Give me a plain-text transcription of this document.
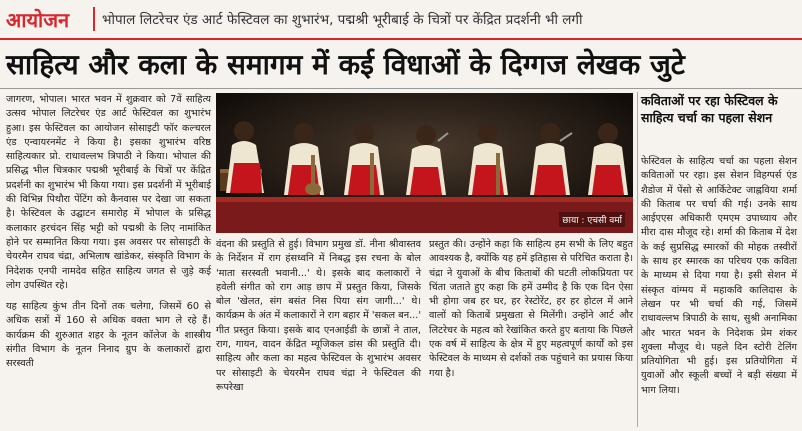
आयोजन भोपाल लिटरेचर एंड आर्ट फेस्टिवल का शुभारंभ, पद्मश्री भूरीबाई के चित्रों पर केंद्रित प्रदर्शनी भी लगी
साहित्य और कला के समागम में कई विधाओं के दिग्गज लेखक जुटे

जागरण, भोपाल। भारत भवन में शुक्रवार को 7वें साहित्य उत्सव भोपाल लिटरेचर एंड आर्ट फेस्टिवल का शुभारंभ हुआ। इस फेस्टिवल का आयोजन सोसाइटी फॉर कल्चरल एंड एन्वायरनमेंट ने किया है। इसका शुभारंभ वरिष्ठ साहित्यकार प्रो. राधावल्लभ त्रिपाठी ने किया। भोपाल की प्रसिद्ध भील चित्रकार पद्मश्री भूरीबाई के चित्रों पर केंद्रित प्रदर्शनी का शुभारंभ भी किया गया। इस प्रदर्शनी में भूरीबाई की विभिन्न पिथौरा पेंटिंग को कैनवास पर देखा जा सकता है। फेस्टिवल के उद्घाटन समारोह में भोपाल के प्रसिद्ध कलाकार हरचंदन सिंह भट्टी को पद्मश्री के लिए नामांकित होने पर सम्मानित किया गया। इस अवसर पर सोसाइटी के चेयरमैन राघव चंद्रा, अभिलाष खांडेकर, संस्कृति विभाग के निदेशक एनपी नामदेव सहित साहित्य जगत से जुड़े कई लोग उपस्थित रहे।

यह साहित्य कुंभ तीन दिनों तक चलेगा, जिसमें 60 से अधिक सत्रों में 160 से अधिक वक्ता भाग ले रहे हैं। कार्यक्रम की शुरुआत शहर के नूतन कॉलेज के शास्त्रीय संगीत विभाग के नूतन निनाद ग्रुप के कलाकारों द्वारा सरस्वती

छाया : एचसी वर्मा
वंदना की प्रस्तुति से हुई। विभाग प्रमुख डॉ. नीना श्रीवास्तव के निर्देशन में राग हंसध्वनि में निबद्ध इस रचना के बोल 'माता सरस्वती भवानी...' थे। इसके बाद कलाकारों ने हवेली संगीत को राग आड़ छाप में प्रस्तुत किया, जिसके बोल 'खेलत, संग बसंत निस पिया संग जागी...' थे। कार्यक्रम के अंत में कलाकारों ने राग बहार में 'सकल बन...' गीत प्रस्तुत किया। इसके बाद एनआईडी के छात्रों ने ताल, राग, गायन, वादन केंद्रित म्यूजिकल डांस की प्रस्तुति दी। साहित्य और कला का महत्व फेस्टिवल के शुभारंभ अवसर पर सोसाइटी के चेयरमैन राघव चंद्रा ने फेस्टिवल की रूपरेखा
प्रस्तुत की। उन्होंने कहा कि साहित्य हम सभी के लिए बहुत आवश्यक है, क्योंकि यह हमें इतिहास से परिचित कराता है। चंद्रा ने युवाओं के बीच किताबों की घटती लोकप्रियता पर चिंता जताते हुए कहा कि हमें उम्मीद है कि एक दिन ऐसा भी होगा जब हर घर, हर रेस्टोरेंट, हर हर होटल में आने वालों को किताबें प्रमुखता से मिलेंगी। उन्होंने आर्ट और लिटरेचर के महत्व को रेखांकित करते हुए बताया कि पिछले एक वर्ष में साहित्य के क्षेत्र में हुए महत्वपूर्ण कार्यों को इस फेस्टिवल के माध्यम से दर्शकों तक पहुंचाने का प्रयास किया गया है।
कविताओं पर रहा फेस्टिवल के साहित्य चर्चा का पहला सेशन
फेस्टिवल के साहित्य चर्चा का पहला सेशन कविताओं पर रहा। इस सेशन विहग्पर्स एंड शैडोज में पेंसो से आर्किटेक्ट जाह्नविया शर्मा की किताब पर चर्चा की गई। उनके साथ आईएएस अधिकारी एमएम उपाध्याय और मीरा दास मौजूद रहे। शर्मा की किताब में देश के कई सुप्रसिद्ध स्मारकों की मोहक तस्वीरों के साथ हर स्मारक का परिचय एक कविता के माध्यम से दिया गया है। इसी सेशन में संस्कृत वांग्मय में महाकवि कालिदास के लेखन पर भी चर्चा की गई, जिसमें राधावल्लभ त्रिपाठी के साथ, सुश्री अनामिका और भारत भवन के निदेशक प्रेम शंकर शुक्ला मौजूद थे। पहले दिन स्टोरी टेलिंग प्रतियोगिता भी हुई। इस प्रतियोगिता में युवाओं और स्कूली बच्चों ने बड़ी संख्या में भाग लिया।
